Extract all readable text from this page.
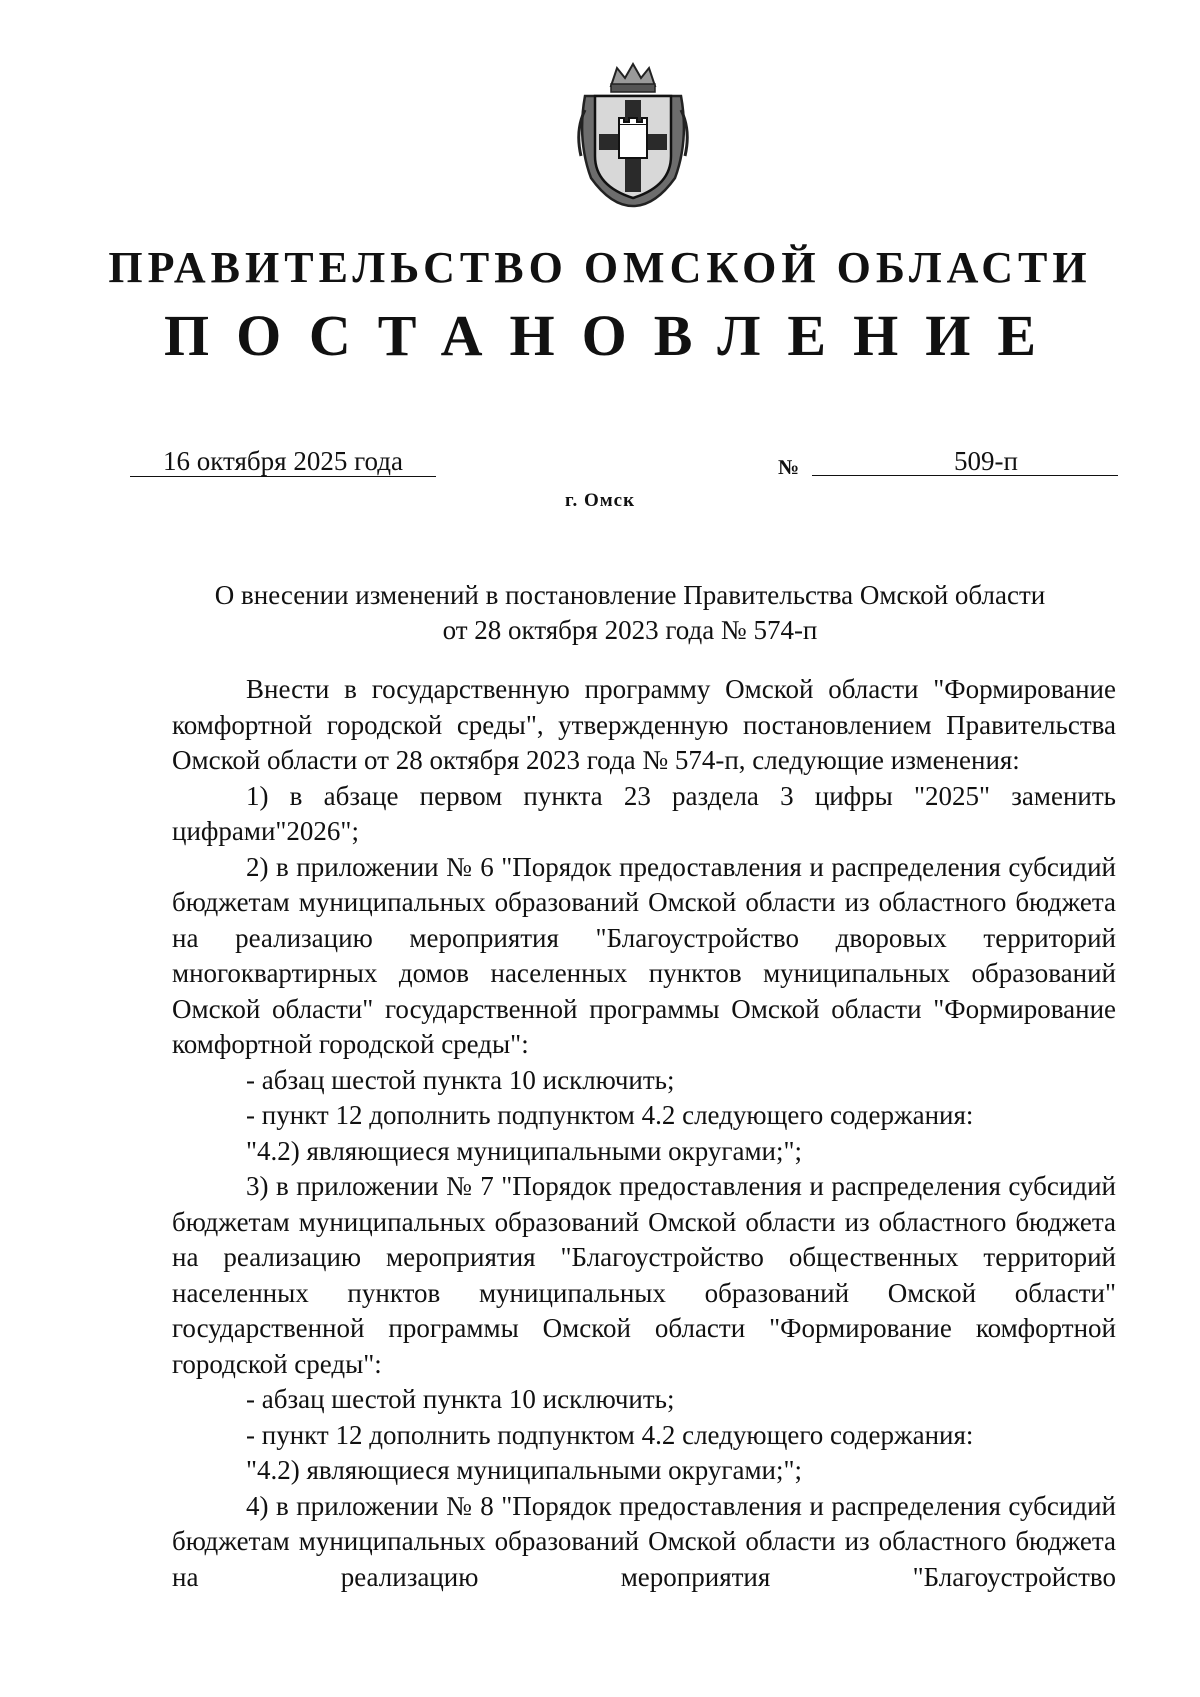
ПРАВИТЕЛЬСТВО ОМСКОЙ ОБЛАСТИ
ПОСТАНОВЛЕНИЕ
16 октября 2025 года	№	509-п
г. Омск
О внесении изменений в постановление Правительства Омской области
от 28 октября 2023 года № 574-п

Внести в государственную программу Омской области "Формирование комфортной городской среды", утвержденную постановлением Правительства Омской области от 28 октября 2023 года № 574-п, следующие изменения:

1) в абзаце первом пункта 23 раздела 3 цифры "2025" заменить цифрами"2026";

2) в приложении № 6 "Порядок предоставления и распределения субсидий бюджетам муниципальных образований Омской области из областного бюджета на реализацию мероприятия "Благоустройство дворовых территорий многоквартирных домов населенных пунктов муниципальных образований Омской области" государственной программы Омской области "Формирование комфортной городской среды":

- абзац шестой пункта 10 исключить;

- пункт 12 дополнить подпунктом 4.2 следующего содержания:

"4.2) являющиеся муниципальными округами;";

3) в приложении № 7 "Порядок предоставления и распределения субсидий бюджетам муниципальных образований Омской области из областного бюджета на реализацию мероприятия "Благоустройство общественных территорий населенных пунктов муниципальных образований Омской области" государственной программы Омской области "Формирование комфортной городской среды":

- абзац шестой пункта 10 исключить;

- пункт 12 дополнить подпунктом 4.2 следующего содержания:

"4.2) являющиеся муниципальными округами;";

4) в приложении № 8 "Порядок предоставления и распределения субсидий бюджетам муниципальных образований Омской области из областного бюджета на реализацию мероприятия "Благоустройство
